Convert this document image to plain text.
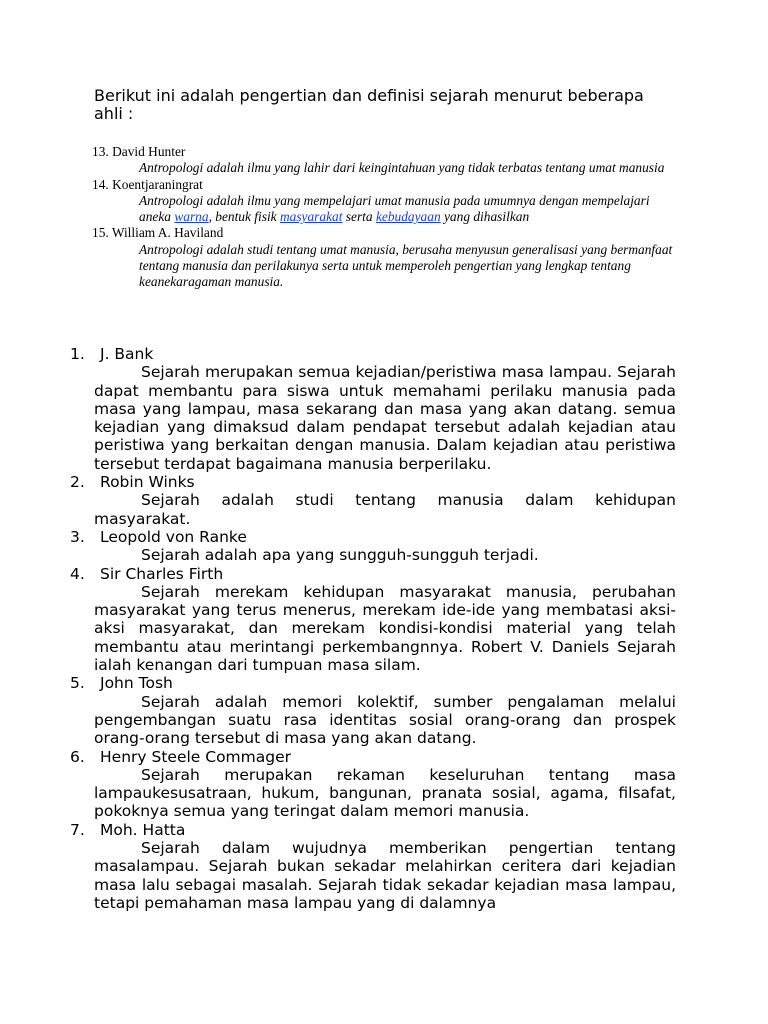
Berikut ini adalah pengertian dan definisi sejarah menurut beberapa ahli :

13. David Hunter

Antropologi adalah ilmu yang lahir dari keingintahuan yang tidak terbatas tentang umat manusia

14. Koentjaraningrat

Antropologi adalah ilmu yang mempelajari umat manusia pada umumnya dengan mempelajari aneka warna, bentuk fisik masyarakat serta kebudayaan yang dihasilkan

15. William A. Haviland

Antropologi adalah studi tentang umat manusia, berusaha menyusun generalisasi yang bermanfaat tentang manusia dan perilakunya serta untuk memperoleh pengertian yang lengkap tentang keanekaragaman manusia.

1. J. Bank

Sejarah merupakan semua kejadian/peristiwa masa lampau. Sejarah dapat membantu para siswa untuk memahami perilaku manusia pada masa yang lampau, masa sekarang dan masa yang akan datang. semua kejadian yang dimaksud dalam pendapat tersebut adalah kejadian atau peristiwa yang berkaitan dengan manusia. Dalam kejadian atau peristiwa tersebut terdapat bagaimana manusia berperilaku.

2. Robin Winks

Sejarah adalah studi tentang manusia dalam kehidupan masyarakat.

3. Leopold von Ranke

Sejarah adalah apa yang sungguh-sungguh terjadi.

4. Sir Charles Firth

Sejarah merekam kehidupan masyarakat manusia, perubahan masyarakat yang terus menerus, merekam ide-ide yang membatasi aksi-aksi masyarakat, dan merekam kondisi-kondisi material yang telah membantu atau merintangi perkembangnnya. Robert V. Daniels Sejarah ialah kenangan dari tumpuan masa silam.

5. John Tosh

Sejarah adalah memori kolektif, sumber pengalaman melalui pengembangan suatu rasa identitas sosial orang-orang dan prospek orang-orang tersebut di masa yang akan datang.

6. Henry Steele Commager

Sejarah merupakan rekaman keseluruhan tentang masa lampaukesusatraan, hukum, bangunan, pranata sosial, agama, filsafat, pokoknya semua yang teringat dalam memori manusia.

7. Moh. Hatta

Sejarah dalam wujudnya memberikan pengertian tentang masalampau. Sejarah bukan sekadar melahirkan ceritera dari kejadian masa lalu sebagai masalah. Sejarah tidak sekadar kejadian masa lampau, tetapi pemahaman masa lampau yang di dalamnya
